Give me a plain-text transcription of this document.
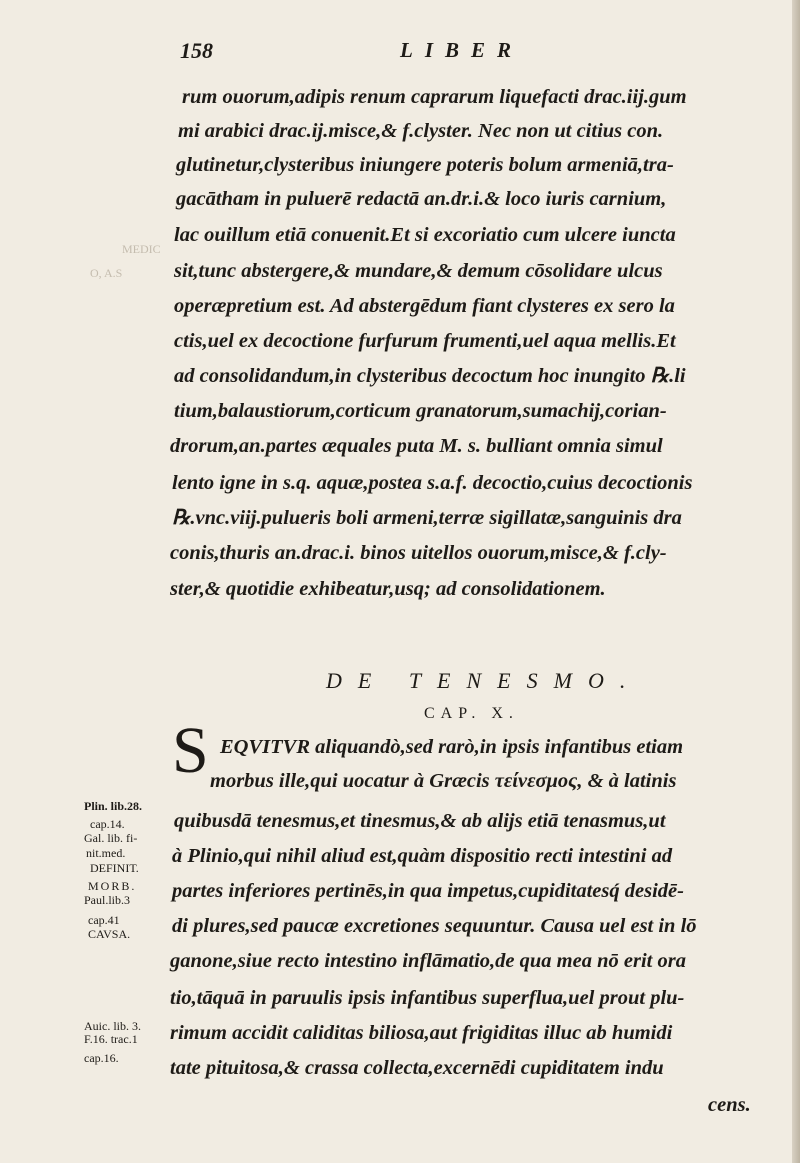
158	LIBER
rum ouorum,adipis renum caprarum liquefacti drac.iij.gum
mi arabici drac.ij.misce,& f.clyster. Nec non ut citius con.
glutinetur,clysteribus iniungere poteris bolum armeniā,tra-
gacātham in puluerē redactā an.dr.i.& loco iuris carnium,
lac ouillum etiā conuenit.Et si excoriatio cum ulcere iuncta
sit,tunc abstergere,& mundare,& demum cōsolidare ulcus
operæpretium est. Ad abstergēdum fiant clysteres ex sero la
ctis,uel ex decoctione furfurum frumenti,uel aqua mellis.Et
ad consolidandum,in clysteribus decoctum hoc inungito ℞.li
tium,balaustiorum,corticum granatorum,sumachij,corian-
drorum,an.partes æquales puta M. s. bulliant omnia simul
lento igne in s.q. aquæ,postea s.a.f. decoctio,cuius decoctionis
℞.vnc.viij.pulueris boli armeni,terræ sigillatæ,sanguinis dra
conis,thuris an.drac.i. binos uitellos ouorum,misce,& f.cly-
ster,& quotidie exhibeatur,usq; ad consolidationem.
DE TENESMO.
CAP. X.
S EQVITVR aliquandò,sed rarò,in ipsis infantibus etiam
morbus ille,qui uocatur à Græcis τείνεσμος, & à latinis
quibusdā tenesmus,et tinesmus,& ab alijs etiā tenasmus,ut
à Plinio,qui nihil aliud est,quàm dispositio recti intestini ad
partes inferiores pertinēs,in qua impetus,cupiditatesq́ desidē-
di plures,sed paucæ excretiones sequuntur. Causa uel est in lō
ganone,siue recto intestino inflāmatio,de qua mea nō erit ora
tio,tāquā in paruulis ipsis infantibus superflua,uel prout plu-
rimum accidit caliditas biliosa,aut frigiditas illuc ab humidi
tate pituitosa,& crassa collecta,excernēdi cupiditatem indu
cens.
Plin. lib.28.
cap.14.
Gal. lib. fi-
nit.med.
DEFINIT.
MORB.
Paul.lib.3
cap.41
CAVSA.
Auic. lib. 3.
F.16. trac.1
cap.16.
MEDIC
O, A.S
